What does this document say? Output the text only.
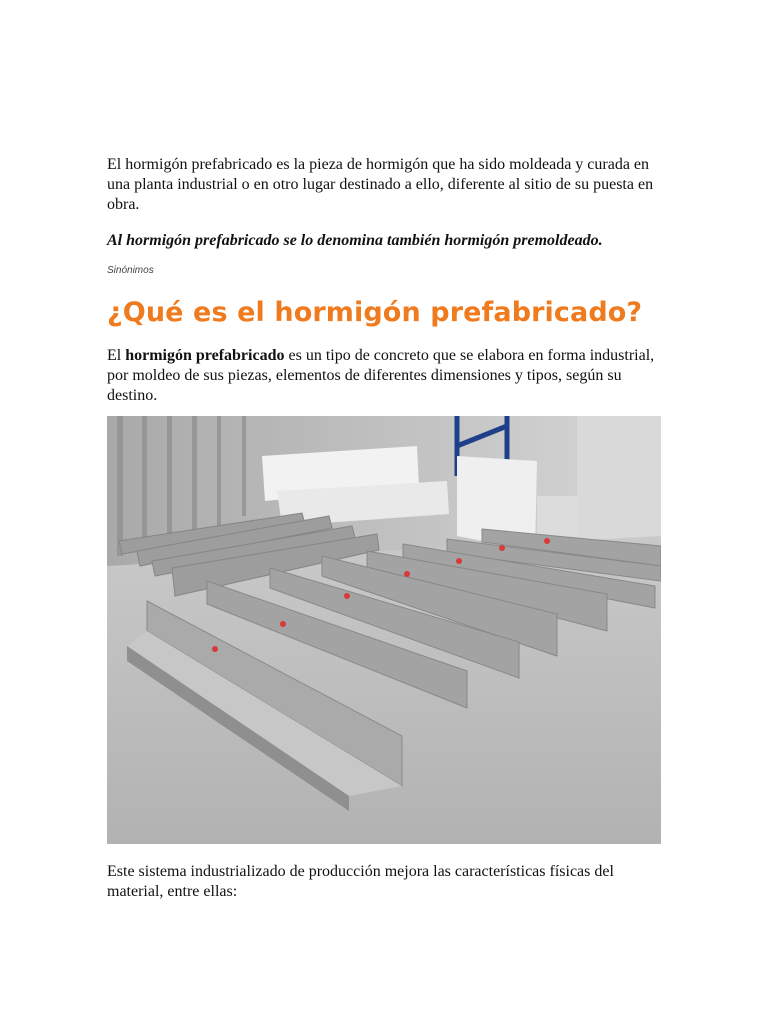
El hormigón prefabricado es la pieza de hormigón que ha sido moldeada y curada en una planta industrial o en otro lugar destinado a ello, diferente al sitio de su puesta en obra.

Al hormigón prefabricado se lo denomina también hormigón premoldeado.

Sinónimos

¿Qué es el hormigón prefabricado?

El hormigón prefabricado es un tipo de concreto que se elabora en forma industrial, por moldeo de sus piezas, elementos de diferentes dimensiones y tipos, según su destino.

Este sistema industrializado de producción mejora las características físicas del material, entre ellas:
